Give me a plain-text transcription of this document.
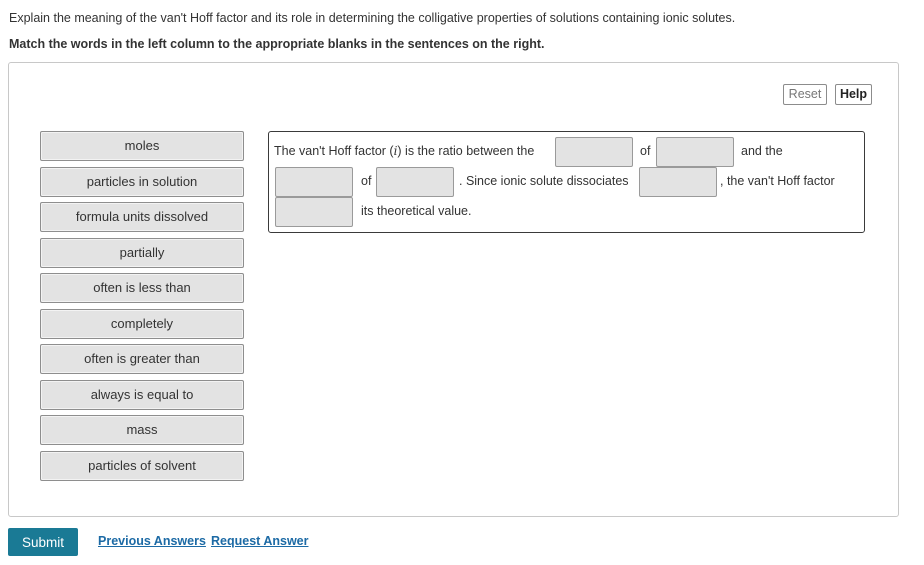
Explain the meaning of the van't Hoff factor and its role in determining the colligative properties of solutions containing ionic solutes.
Match the words in the left column to the appropriate blanks in the sentences on the right.
Reset	Help
moles
particles in solution
formula units dissolved
partially
often is less than
completely
often is greater than
always is equal to
mass
particles of solvent
The van't Hoff factor (i) is the ratio between the	of	and the
of	. Since ionic solute dissociates	, the van't Hoff factor
its theoretical value.
Submit	Previous Answers Request Answer
